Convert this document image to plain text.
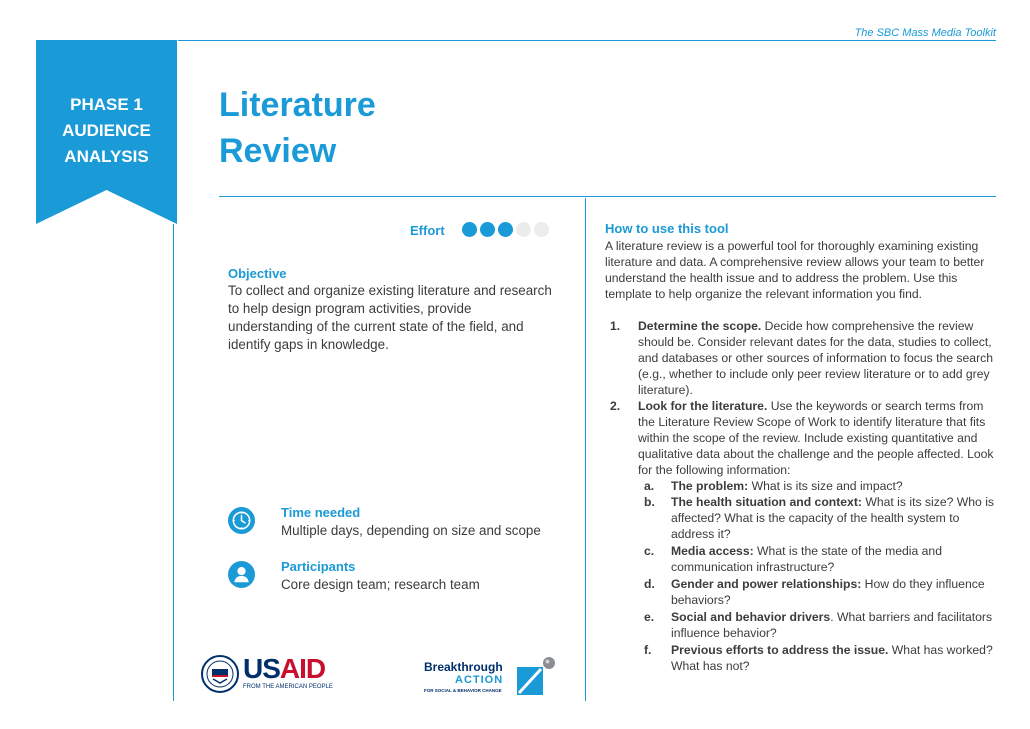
The SBC Mass Media Toolkit
PHASE 1
AUDIENCE
ANALYSIS
Literature
Review
Effort
Objective
To collect and organize existing literature and research to help design program activities, provide understanding of the current state of the field, and identify gaps in knowledge.
Time needed
Multiple days, depending on size and scope
Participants
Core design team; research team
USAID
FROM THE AMERICAN PEOPLE
Breakthrough
ACTION
FOR SOCIAL & BEHAVIOR CHANGE
How to use this tool
A literature review is a powerful tool for thoroughly examining existing literature and data. A comprehensive review allows your team to better understand the health issue and to address the problem. Use this template to help organize the relevant information you find.
1. Determine the scope. Decide how comprehensive the review should be. Consider relevant dates for the data, studies to collect, and databases or other sources of information to focus the search (e.g., whether to include only peer review literature or to add grey literature).
2. Look for the literature. Use the keywords or search terms from the Literature Review Scope of Work to identify literature that fits within the scope of the review. Include existing quantitative and qualitative data about the challenge and the people affected. Look for the following information:
a. The problem: What is its size and impact?
b. The health situation and context: What is its size? Who is affected? What is the capacity of the health system to address it?
c. Media access: What is the state of the media and communication infrastructure?
d. Gender and power relationships: How do they influence behaviors?
e. Social and behavior drivers. What barriers and facilitators influence behavior?
f. Previous efforts to address the issue. What has worked? What has not?
